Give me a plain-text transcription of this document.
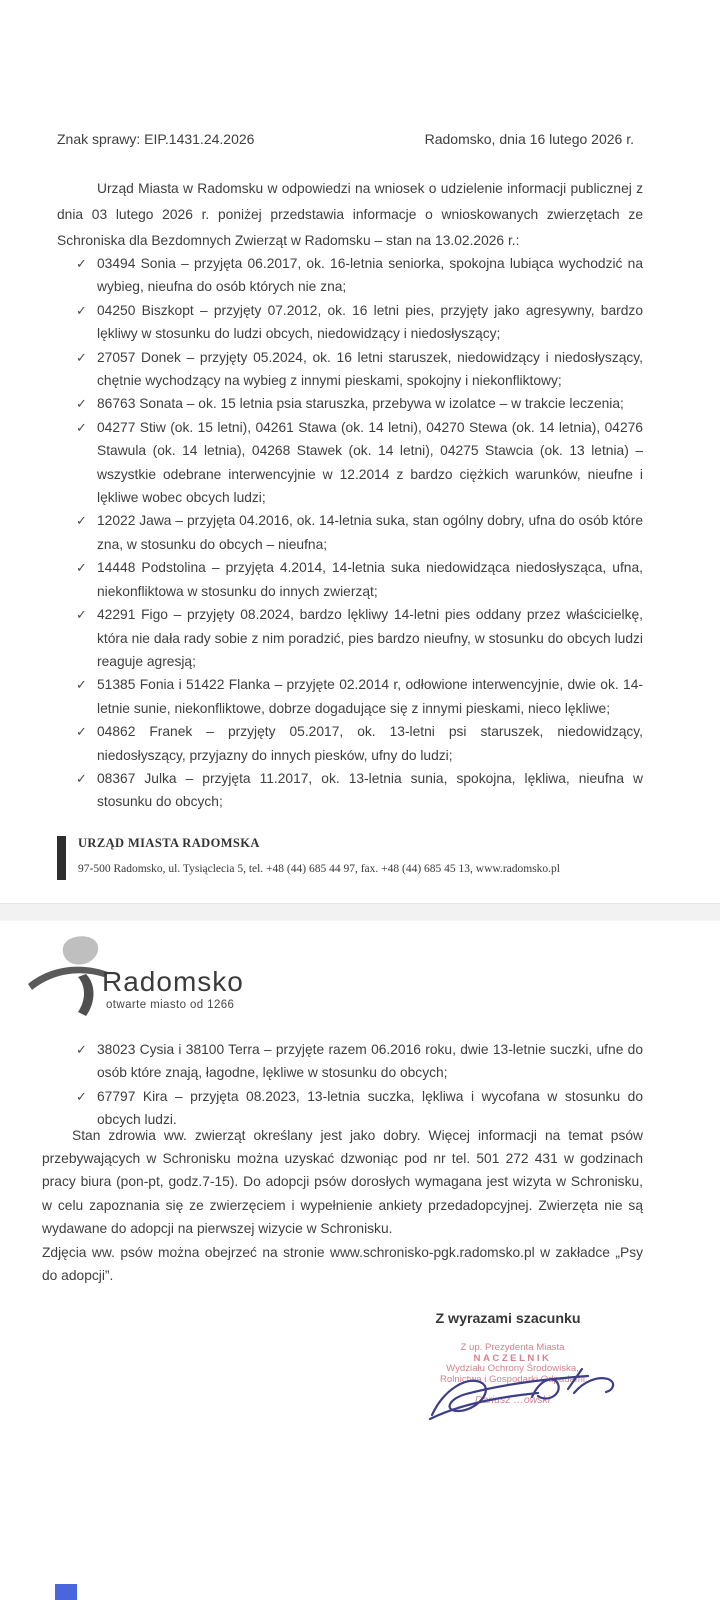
Znak sprawy: EIP.1431.24.2026	Radomsko, dnia 16 lutego 2026 r.

Urząd Miasta w Radomsku w odpowiedzi na wniosek o udzielenie informacji publicznej z dnia 03 lutego 2026 r. poniżej przedstawia informacje o wnioskowanych zwierzętach ze Schroniska dla Bezdomnych Zwierząt w Radomsku – stan na 13.02.2026 r.:

✓ 03494 Sonia – przyjęta 06.2017, ok. 16-letnia seniorka, spokojna lubiąca wychodzić na wybieg, nieufna do osób których nie zna;
✓ 04250 Biszkopt – przyjęty 07.2012, ok. 16 letni pies, przyjęty jako agresywny, bardzo lękliwy w stosunku do ludzi obcych, niedowidzący i niedosłyszący;
✓ 27057 Donek – przyjęty 05.2024, ok. 16 letni staruszek, niedowidzący i niedosłyszący, chętnie wychodzący na wybieg z innymi pieskami, spokojny i niekonfliktowy;
✓ 86763 Sonata – ok. 15 letnia psia staruszka, przebywa w izolatce – w trakcie leczenia;
✓ 04277 Stiw (ok. 15 letni), 04261 Stawa (ok. 14 letni), 04270 Stewa (ok. 14 letnia), 04276 Stawula (ok. 14 letnia), 04268 Stawek (ok. 14 letni), 04275 Stawcia (ok. 13 letnia) – wszystkie odebrane interwencyjnie w 12.2014 z bardzo ciężkich warunków, nieufne i lękliwe wobec obcych ludzi;
✓ 12022 Jawa – przyjęta 04.2016, ok. 14-letnia suka, stan ogólny dobry, ufna do osób które zna, w stosunku do obcych – nieufna;
✓ 14448 Podstolina – przyjęta 4.2014, 14-letnia suka niedowidząca niedosłysząca, ufna, niekonfliktowa w stosunku do innych zwierząt;
✓ 42291 Figo – przyjęty 08.2024, bardzo lękliwy 14-letni pies oddany przez właścicielkę, która nie dała rady sobie z nim poradzić, pies bardzo nieufny, w stosunku do obcych ludzi reaguje agresją;
✓ 51385 Fonia i 51422 Flanka – przyjęte 02.2014 r, odłowione interwencyjnie, dwie ok. 14-letnie sunie, niekonfliktowe, dobrze dogadujące się z innymi pieskami, nieco lękliwe;
✓ 04862 Franek – przyjęty 05.2017, ok. 13-letni psi staruszek, niedowidzący, niedosłyszący, przyjazny do innych piesków, ufny do ludzi;
✓ 08367 Julka – przyjęta 11.2017, ok. 13-letnia sunia, spokojna, lękliwa, nieufna w stosunku do obcych;
URZĄD MIASTA RADOMSKA
97-500 Radomsko, ul. Tysiąclecia 5, tel. +48 (44) 685 44 97, fax. +48 (44) 685 45 13, www.radomsko.pl
Radomsko
otwarte miasto od 1266
✓ 38023 Cysia i 38100 Terra – przyjęte razem 06.2016 roku, dwie 13-letnie suczki, ufne do osób które znają, łagodne, lękliwe w stosunku do obcych;
✓ 67797 Kira – przyjęta 08.2023, 13-letnia suczka, lękliwa i wycofana w stosunku do obcych ludzi.

Stan zdrowia ww. zwierząt określany jest jako dobry. Więcej informacji na temat psów przebywających w Schronisku można uzyskać dzwoniąc pod nr tel. 501 272 431 w godzinach pracy biura (pon-pt, godz.7-15). Do adopcji psów dorosłych wymagana jest wizyta w Schronisku, w celu zapoznania się ze zwierzęciem i wypełnienie ankiety przedadopcyjnej. Zwierzęta nie są wydawane do adopcji na pierwszej wizycie w Schronisku.

Zdjęcia ww. psów można obejrzeć na stronie www.schronisko-pgk.radomsko.pl w zakładce „Psy do adopcji”.

Z wyrazami szacunku
Z up. Prezydenta Miasta
NACZELNIK
Wydziału Ochrony Środowiska,
Rolnictwa i Gospodarki Odpadami
Dariusz …owski
